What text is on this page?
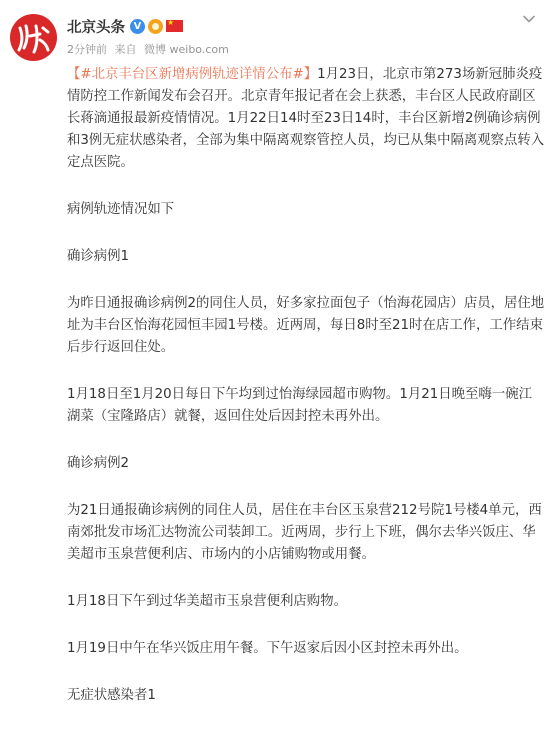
北京头条 V
★
2分钟前 来自 微博 weibo.com

【#北京丰台区新增病例轨迹详情公布#】1月23日，北京市第273场新冠肺炎疫情防控工作新闻发布会召开。北京青年报记者在会上获悉，丰台区人民政府副区长蒋滴通报最新疫情情况。1月22日14时至23日14时，丰台区新增2例确诊病例和3例无症状感染者，全部为集中隔离观察管控人员，均已从集中隔离观察点转入定点医院。

病例轨迹情况如下

确诊病例1

为昨日通报确诊病例2的同住人员，好多家拉面包子（怡海花园店）店员，居住地址为丰台区怡海花园恒丰园1号楼。近两周，每日8时至21时在店工作，工作结束后步行返回住处。

1月18日至1月20日每日下午均到过怡海绿园超市购物。1月21日晚至嗨一碗江湖菜（宝隆路店）就餐，返回住处后因封控未再外出。

确诊病例2

为21日通报确诊病例的同住人员，居住在丰台区玉泉营212号院1号楼4单元，西南郊批发市场汇达物流公司装卸工。近两周，步行上下班，偶尔去华兴饭庄、华美超市玉泉营便利店、市场内的小店铺购物或用餐。

1月18日下午到过华美超市玉泉营便利店购物。

1月19日中午在华兴饭庄用午餐。下午返家后因小区封控未再外出。

无症状感染者1
